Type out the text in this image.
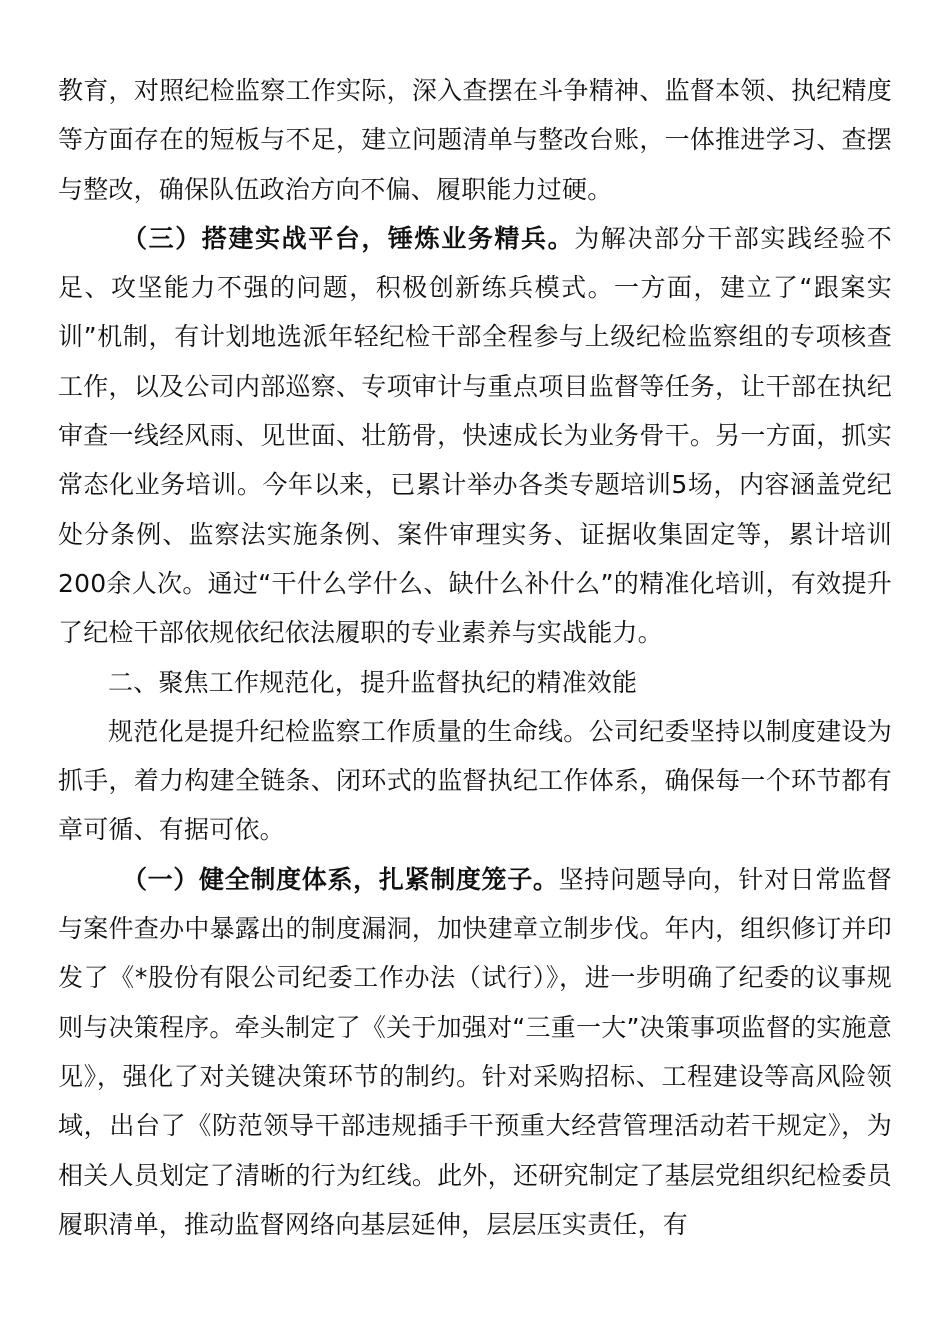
教育，对照纪检监察工作实际，深入查摆在斗争精神、监督本领、执纪精度等方面存在的短板与不足，建立问题清单与整改台账，一体推进学习、查摆与整改，确保队伍政治方向不偏、履职能力过硬。

（三）搭建实战平台，锤炼业务精兵。为解决部分干部实践经验不足、攻坚能力不强的问题，积极创新练兵模式。一方面，建立了“跟案实训”机制，有计划地选派年轻纪检干部全程参与上级纪检监察组的专项核查工作，以及公司内部巡察、专项审计与重点项目监督等任务，让干部在执纪审查一线经风雨、见世面、壮筋骨，快速成长为业务骨干。另一方面，抓实常态化业务培训。今年以来，已累计举办各类专题培训5场，内容涵盖党纪处分条例、监察法实施条例、案件审理实务、证据收集固定等，累计培训200余人次。通过“干什么学什么、缺什么补什么”的精准化培训，有效提升了纪检干部依规依纪依法履职的专业素养与实战能力。

二、聚焦工作规范化，提升监督执纪的精准效能

规范化是提升纪检监察工作质量的生命线。公司纪委坚持以制度建设为抓手，着力构建全链条、闭环式的监督执纪工作体系，确保每一个环节都有章可循、有据可依。

（一）健全制度体系，扎紧制度笼子。坚持问题导向，针对日常监督与案件查办中暴露出的制度漏洞，加快建章立制步伐。年内，组织修订并印发了《*股份有限公司纪委工作办法（试行）》，进一步明确了纪委的议事规则与决策程序。牵头制定了《关于加强对“三重一大”决策事项监督的实施意见》，强化了对关键决策环节的制约。针对采购招标、工程建设等高风险领域，出台了《防范领导干部违规插手干预重大经营管理活动若干规定》，为相关人员划定了清晰的行为红线。此外，还研究制定了基层党组织纪检委员履职清单，推动监督网络向基层延伸，层层压实责任，有
